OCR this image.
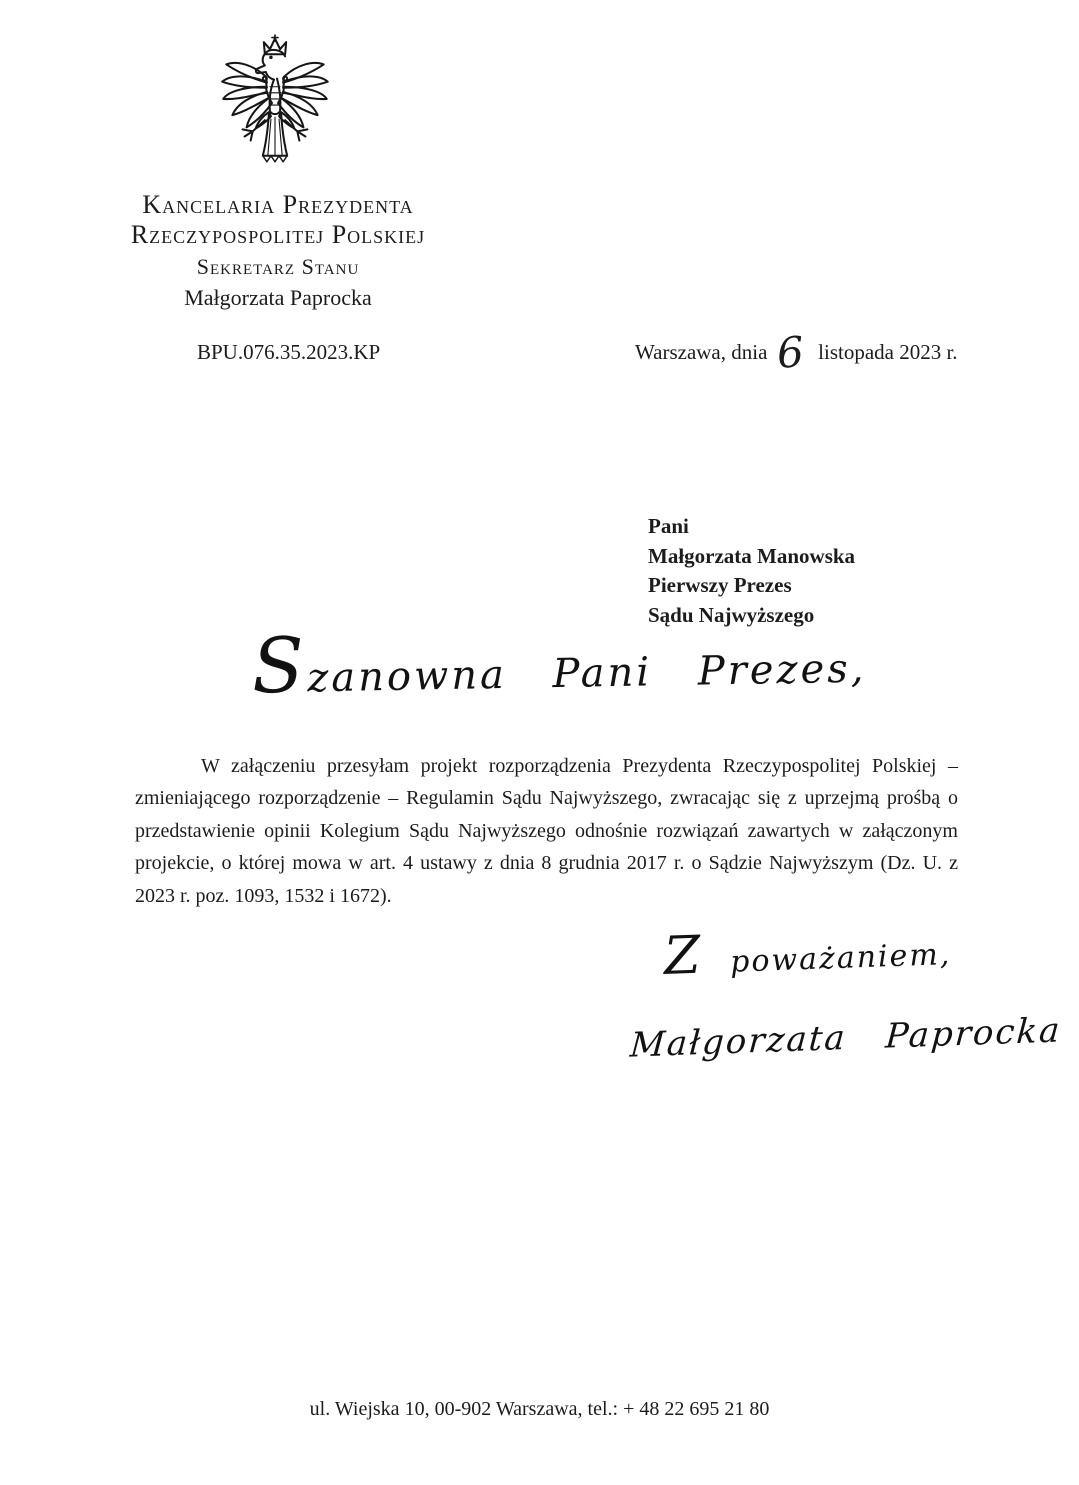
Kancelaria Prezydenta
Rzeczypospolitej Polskiej
Sekretarz Stanu
Małgorzata Paprocka
BPU.076.35.2023.KP	Warszawa, dnia 6 listopada 2023 r.
Pani
Małgorzata Manowska
Pierwszy Prezes
Sądu Najwyższego
Szanowna Pani Prezes,
W załączeniu przesyłam projekt rozporządzenia Prezydenta Rzeczypospolitej Polskiej – zmieniającego rozporządzenie – Regulamin Sądu Najwyższego, zwracając się z uprzejmą prośbą o przedstawienie opinii Kolegium Sądu Najwyższego odnośnie rozwiązań zawartych w załączonym projekcie, o której mowa w art. 4 ustawy z dnia 8 grudnia 2017 r. o Sądzie Najwyższym (Dz. U. z 2023 r. poz. 1093, 1532 i 1672).
Z poważaniem,
Małgorzata Paprocka
ul. Wiejska 10, 00-902 Warszawa, tel.: + 48 22 695 21 80
